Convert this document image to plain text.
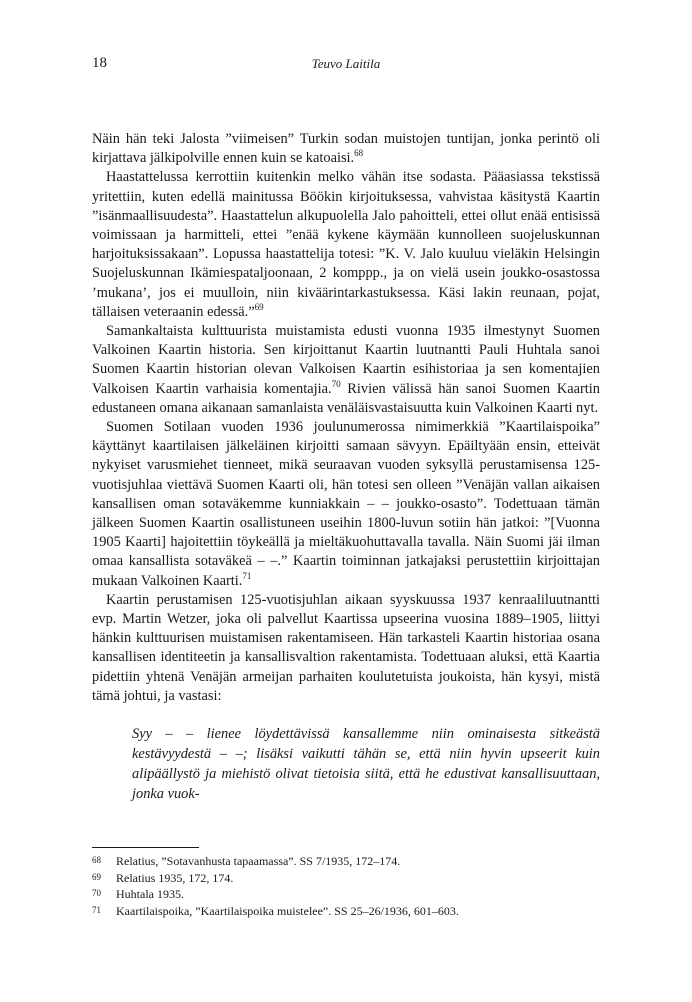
18	Teuvo Laitila

Näin hän teki Jalosta ”viimeisen” Turkin sodan muistojen tuntijan, jonka perintö oli kirjattava jälkipolville ennen kuin se katoaisi.$^{68}$

Haastattelussa kerrottiin kuitenkin melko vähän itse sodasta. Pääasiassa tekstissä yritettiin, kuten edellä mainitussa Böökin kirjoituksessa, vahvistaa käsitystä Kaartin ”isänmaallisuudesta”. Haastattelun alkupuolella Jalo pahoitteli, ettei ollut enää entisissä voimissaan ja harmitteli, ettei ”enää kykene käymään kunnolleen suojeluskunnan harjoituksissakaan”. Lopussa haastattelija totesi: ”K. V. Jalo kuuluu vieläkin Helsingin Suojeluskunnan Ikämiespataljoonaan, 2 komppp., ja on vielä usein joukko-osastossa ’mukana’, jos ei muulloin, niin kiväärintarkastuksessa. Käsi lakin reunaan, pojat, tällaisen veteraanin edessä.”$^{69}$

Samankaltaista kulttuurista muistamista edusti vuonna 1935 ilmestynyt Suomen Valkoinen Kaartin historia. Sen kirjoittanut Kaartin luutnantti Pauli Huhtala sanoi Suomen Kaartin historian olevan Valkoisen Kaartin esihistoriaa ja sen komentajien Valkoisen Kaartin varhaisia komentajia.$^{70}$ Rivien välissä hän sanoi Suomen Kaartin edustaneen omana aikanaan samanlaista venäläisvastaisuutta kuin Valkoinen Kaarti nyt.

Suomen Sotilaan vuoden 1936 joulunumerossa nimimerkkiä ”Kaartilaispoika” käyttänyt kaartilaisen jälkeläinen kirjoitti samaan sävyyn. Epäiltyään ensin, etteivät nykyiset varusmiehet tienneet, mikä seuraavan vuoden syksyllä perustamisensa 125-vuotisjuhlaa viettävä Suomen Kaarti oli, hän totesi sen olleen ”Venäjän vallan aikaisen kansallisen oman sotaväkemme kunniakkain – – joukko-osasto”. Todettuaan tämän jälkeen Suomen Kaartin osallistuneen useihin 1800-luvun sotiin hän jatkoi: ”[Vuonna 1905 Kaarti] hajoitettiin töykeällä ja mieltäkuohuttavalla tavalla. Näin Suomi jäi ilman omaa kansallista sotaväkeä – –.” Kaartin toiminnan jatkajaksi perustettiin kirjoittajan mukaan Valkoinen Kaarti.$^{71}$

Kaartin perustamisen 125-vuotisjuhlan aikaan syyskuussa 1937 kenraaliluutnantti evp. Martin Wetzer, joka oli palvellut Kaartissa upseerina vuosina 1889–1905, liittyi hänkin kulttuurisen muistamisen rakentamiseen. Hän tarkasteli Kaartin historiaa osana kansallisen identiteetin ja kansallisvaltion rakentamista. Todettuaan aluksi, että Kaartia pidettiin yhtenä Venäjän armeijan parhaiten koulutetuista joukoista, hän kysyi, mistä tämä johtui, ja vastasi:

Syy – – lienee löydettävissä kansallemme niin ominaisesta sitkeästä kestävyydestä – –; lisäksi vaikutti tähän se, että niin hyvin upseerit kuin alipäällystö ja miehistö olivat tietoisia siitä, että he edustivat kansallisuuttaan, jonka vuok-

68	Relatius, ”Sotavanhusta tapaamassa”. SS 7/1935, 172–174.
69	Relatius 1935, 172, 174.
70	Huhtala 1935.
71	Kaartilaispoika, ”Kaartilaispoika muistelee”. SS 25–26/1936, 601–603.
